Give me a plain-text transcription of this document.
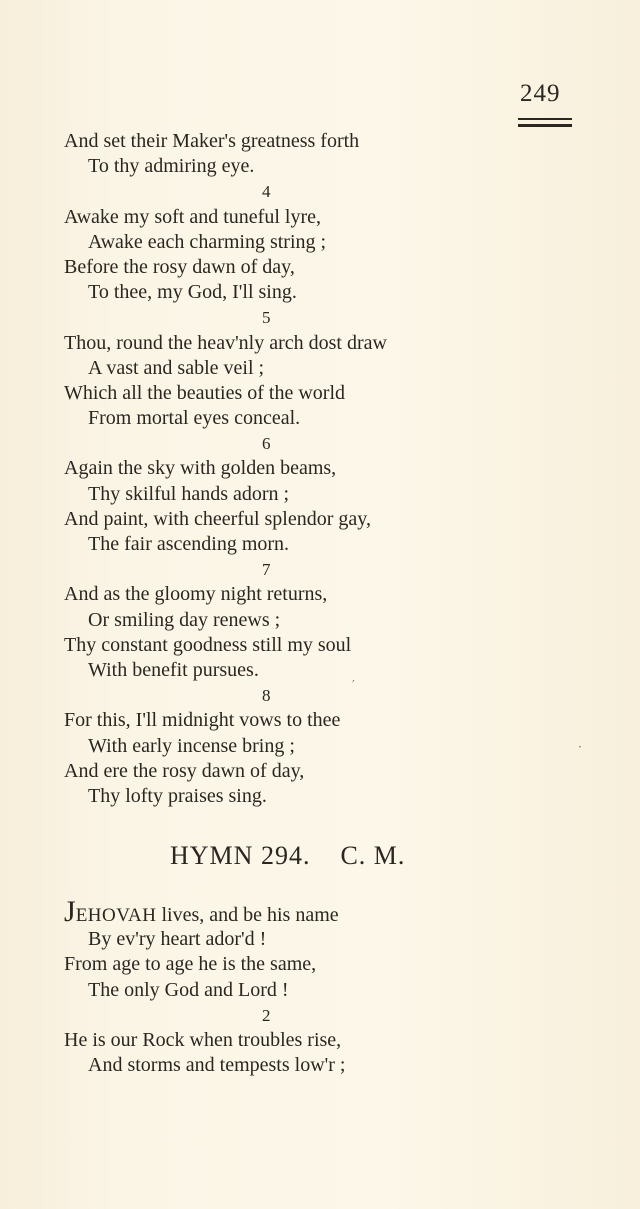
249
And set their Maker's greatness forth
To thy admiring eye.
4
Awake my soft and tuneful lyre,
Awake each charming string ;
Before the rosy dawn of day,
To thee, my God, I'll sing.
5
Thou, round the heav'nly arch dost draw
A vast and sable veil ;
Which all the beauties of the world
From mortal eyes conceal.
6
Again the sky with golden beams,
Thy skilful hands adorn ;
And paint, with cheerful splendor gay,
The fair ascending morn.
7
And as the gloomy night returns,
Or smiling day renews ;
Thy constant goodness still my soul
With benefit pursues.
8
For this, I'll midnight vows to thee
With early incense bring ;
And ere the rosy dawn of day,
Thy lofty praises sing.
HYMN 294. C. M.
JEHOVAH lives, and be his name
By ev'ry heart ador'd !
From age to age he is the same,
The only God and Lord !
2
He is our Rock when troubles rise,
And storms and tempests low'r ;
′
·
